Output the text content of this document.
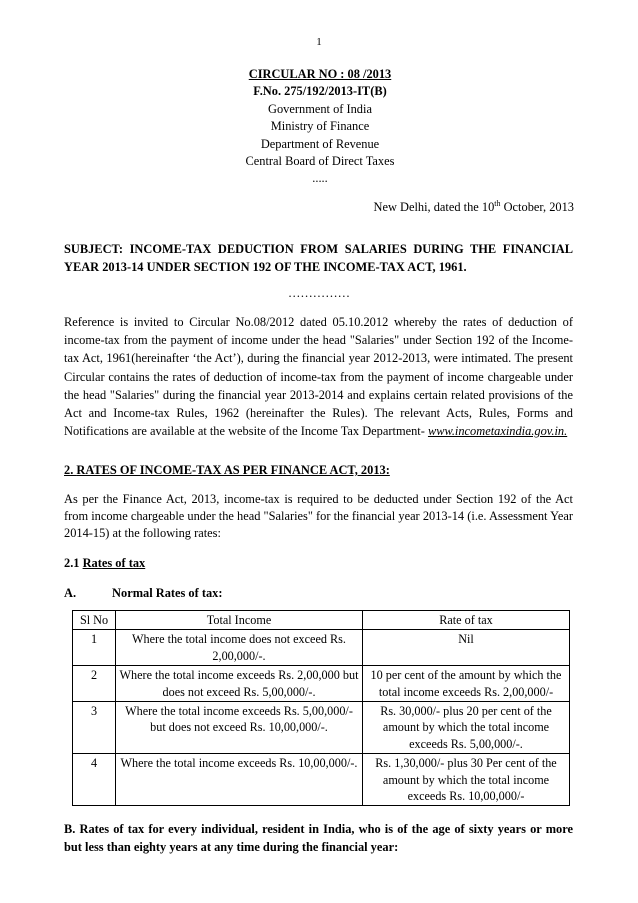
1
CIRCULAR NO : 08 /2013
F.No. 275/192/2013-IT(B)
Government of India
Ministry of Finance
Department of Revenue
Central Board of Direct Taxes
.....
New Delhi, dated the 10th October, 2013
SUBJECT: INCOME-TAX DEDUCTION FROM SALARIES DURING THE FINANCIAL YEAR 2013-14 UNDER SECTION 192 OF THE INCOME-TAX ACT, 1961.
……………
Reference is invited to Circular No.08/2012 dated 05.10.2012 whereby the rates of deduction of income-tax from the payment of income under the head "Salaries" under Section 192 of the Income-tax Act, 1961(hereinafter ‘the Act’), during the financial year 2012-2013, were intimated. The present Circular contains the rates of deduction of income-tax from the payment of income chargeable under the head "Salaries" during the financial year 2013-2014 and explains certain related provisions of the Act and Income-tax Rules, 1962 (hereinafter the Rules). The relevant Acts, Rules, Forms and Notifications are available at the website of the Income Tax Department- www.incometaxindia.gov.in.
2. RATES OF INCOME-TAX AS PER FINANCE ACT, 2013:
As per the Finance Act, 2013, income-tax is required to be deducted under Section 192 of the Act from income chargeable under the head "Salaries" for the financial year 2013-14 (i.e. Assessment Year 2014-15) at the following rates:
2.1 Rates of tax
A.	Normal Rates of tax:
Sl No	Total Income	Rate of tax
1	Where the total income does not exceed Rs. 2,00,000/-.	Nil
2	Where the total income exceeds Rs. 2,00,000 but does not exceed Rs. 5,00,000/-.	10 per cent of the amount by which the total income exceeds Rs. 2,00,000/-
3	Where the total income exceeds Rs. 5,00,000/- but does not exceed Rs. 10,00,000/-.	Rs. 30,000/- plus 20 per cent of the amount by which the total income exceeds Rs. 5,00,000/-.
4	Where the total income exceeds Rs. 10,00,000/-.	Rs. 1,30,000/- plus 30 Per cent of the amount by which the total income exceeds Rs. 10,00,000/-
B. Rates of tax for every individual, resident in India, who is of the age of sixty years or more but less than eighty years at any time during the financial year:
